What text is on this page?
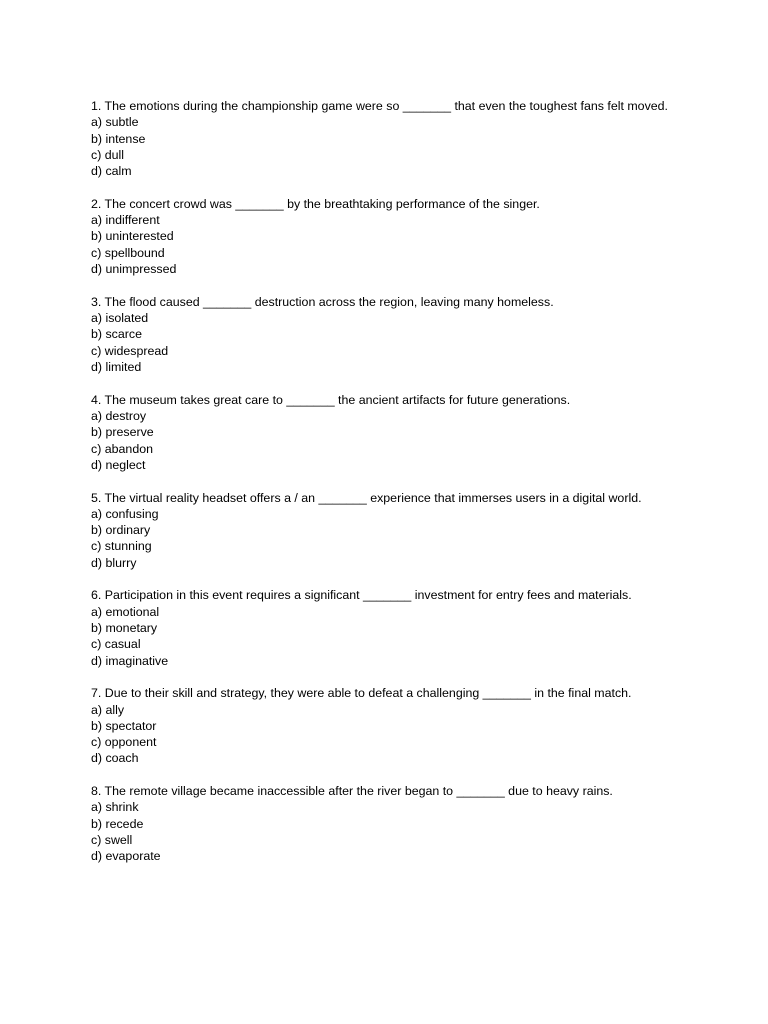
1. The emotions during the championship game were so _______ that even the toughest fans felt moved.
a) subtle
b) intense
c) dull
d) calm
2. The concert crowd was _______ by the breathtaking performance of the singer.
a) indifferent
b) uninterested
c) spellbound
d) unimpressed
3. The flood caused _______ destruction across the region, leaving many homeless.
a) isolated
b) scarce
c) widespread
d) limited
4. The museum takes great care to _______ the ancient artifacts for future generations.
a) destroy
b) preserve
c) abandon
d) neglect
5. The virtual reality headset offers a / an _______ experience that immerses users in a digital world.
a) confusing
b) ordinary
c) stunning
d) blurry
6. Participation in this event requires a significant _______ investment for entry fees and materials.
a) emotional
b) monetary
c) casual
d) imaginative
7. Due to their skill and strategy, they were able to defeat a challenging _______ in the final match.
a) ally
b) spectator
c) opponent
d) coach
8. The remote village became inaccessible after the river began to _______ due to heavy rains.
a) shrink
b) recede
c) swell
d) evaporate
